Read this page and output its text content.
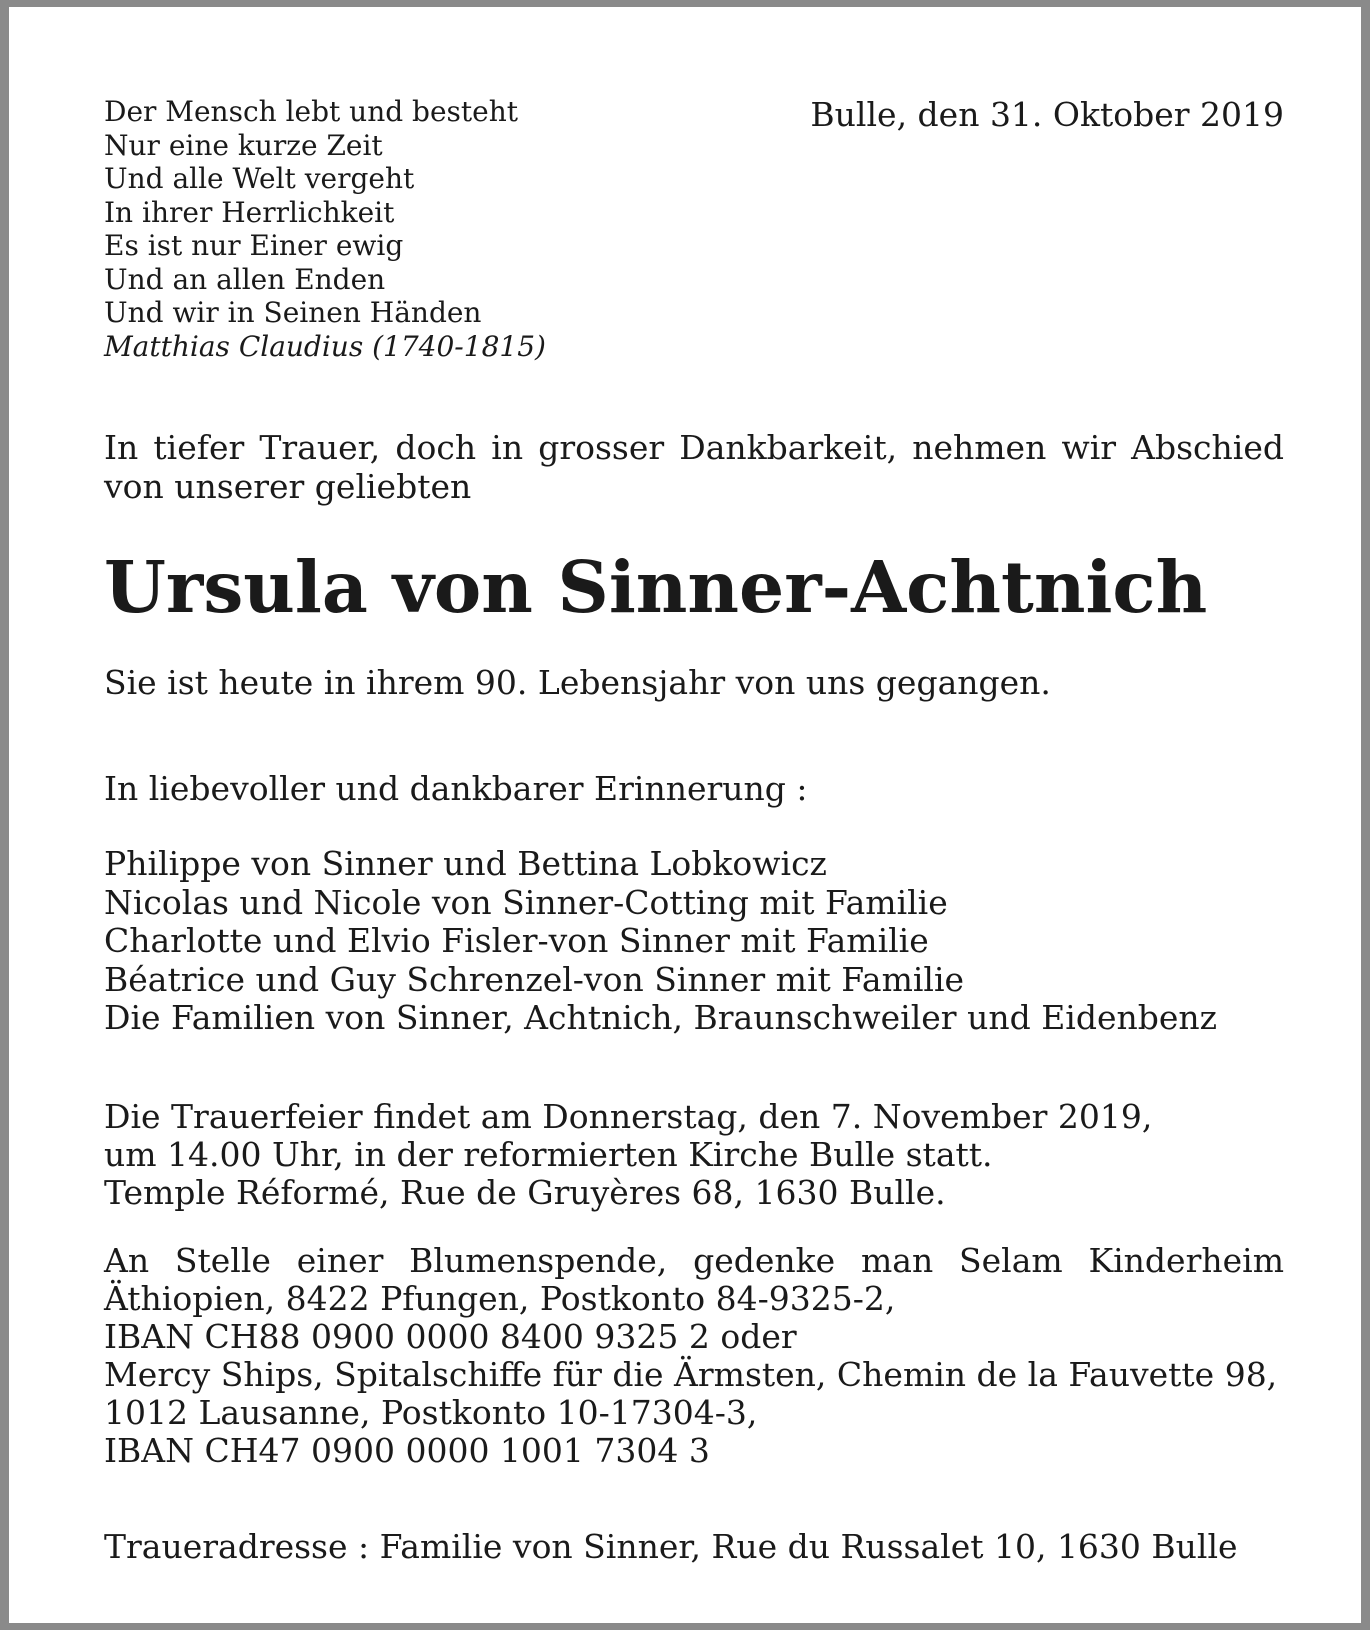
Bulle, den 31. Oktober 2019
Der Mensch lebt und besteht
Nur eine kurze Zeit
Und alle Welt vergeht
In ihrer Herrlichkeit
Es ist nur Einer ewig
Und an allen Enden
Und wir in Seinen Händen
Matthias Claudius (1740-1815)
In tiefer Trauer, doch in grosser Dankbarkeit, nehmen wir Abschied
von unserer geliebten
Ursula von Sinner-Achtnich
Sie ist heute in ihrem 90. Lebensjahr von uns gegangen.
In liebevoller und dankbarer Erinnerung :
Philippe von Sinner und Bettina Lobkowicz
Nicolas und Nicole von Sinner-Cotting mit Familie
Charlotte und Elvio Fisler-von Sinner mit Familie
Béatrice und Guy Schrenzel-von Sinner mit Familie
Die Familien von Sinner, Achtnich, Braunschweiler und Eidenbenz
Die Trauerfeier findet am Donnerstag, den 7. November 2019,
um 14.00 Uhr, in der reformierten Kirche Bulle statt.
Temple Réformé, Rue de Gruyères 68, 1630 Bulle.
An Stelle einer Blumenspende, gedenke man Selam Kinderheim
Äthiopien, 8422 Pfungen, Postkonto 84-9325-2,
IBAN CH88 0900 0000 8400 9325 2 oder
Mercy Ships, Spitalschiffe für die Ärmsten, Chemin de la Fauvette 98,
1012 Lausanne, Postkonto 10-17304-3,
IBAN CH47 0900 0000 1001 7304 3
Traueradresse : Familie von Sinner, Rue du Russalet 10, 1630 Bulle
